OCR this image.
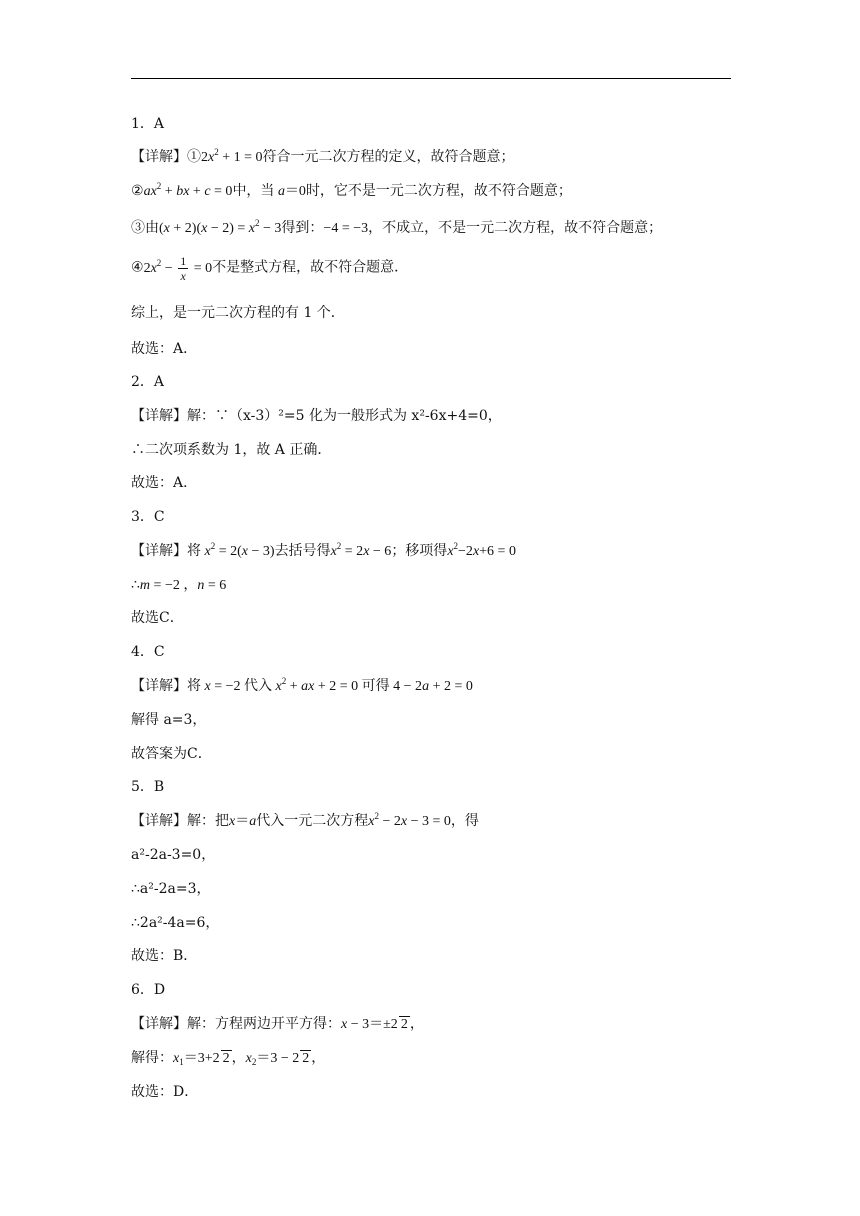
1．A
【详解】$①2x^2 + 1 = 0$符合一元二次方程的定义，故符合题意；
$②ax^2$ + bx + c = 0中，当 a＝0时，它不是一元二次方程，故不符合题意；
③由$(x + 2)(x - 2) = x^2 - 3$得到：−4 = −3，不成立，不是一元二次方程，故不符合题意；
$④2x^2 - \frac{1}{x} = 0$不是整式方程，故不符合题意．
综上，是一元二次方程的有 1 个．
故选：A．
2．A
【详解】解：∵（x-3）²=5 化为一般形式为 x²-6x+4=0，
∴二次项系数为 1，故 A 正确．
故选：A．
3．C
【详解】将 $x^2 = 2(x - 3)$去括号得$x^2 = 2x - 6$；移项得$x^2-2x+6 = 0$
∴m = −2 ，n = 6
故选C．
4．C
【详解】将 x = −2 代入 $x^2$ + ax + 2 = 0 可得 4 − 2a + 2 = 0
解得 a=3，
故答案为C．
5．B
【详解】解：把x＝a代入一元二次方程$x^2 - 2x - 3 = 0$，得
a²-2a-3=0，
∴a²-2a=3，
∴2a²-4a=6，
故选：B．
6．D
【详解】解：方程两边开平方得：x − 3＝±2 2 ，
解得：$x_1=3+2$ 2 ，$x_2=3 - 2$ 2 ，
故选：D．
